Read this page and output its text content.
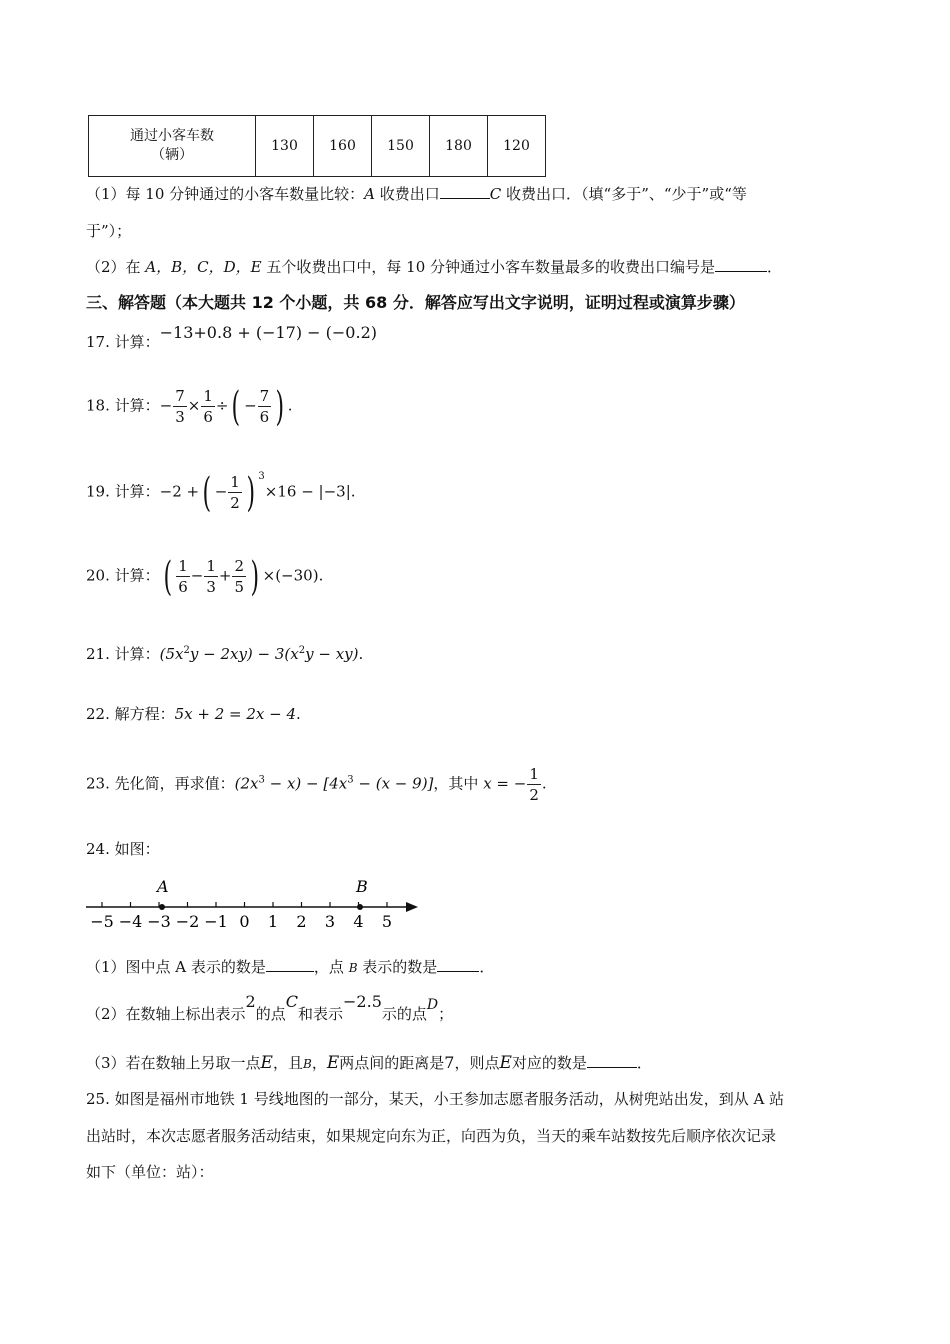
通过小客车数
（辆）
	130	160	150	180	120
（1）每 10 分钟通过的小客车数量比较：A 收费出口	C 收费出口．（填“多于”、“少于”或“等
于”）；
（2）在 A，B，C，D，E 五个收费出口中，每 10 分钟通过小客车数量最多的收费出口编号是	．
三、解答题（本大题共 12 个小题，共 68 分．解答应写出文字说明，证明过程或演算步骤）
17. 计算：−13+0.8 + (−17) − (−0.2)
18. 计算：− $\frac{7}{3} \times \frac{1}{6}$ ÷( − $\frac{7}{6}$ ) .
19. 计算：−2 +( − $\frac{1}{2}$ ) $^3$×16 − |−3|.
20. 计算：( $\frac{1}{6} - \frac{1}{3} + \frac{2}{5}$ ) ×(−30).
21. 计算：$(5x^2y - 2xy) - 3(x^2y - xy)$.
22. 解方程：5x + 2 = 2x − 4.
23. 先化简，再求值：$(2x^3 - x) - [4x^3 - (x - 9)]$，其中 x = − $\frac{1}{2}$ .
24. 如图：
−5 −4 −3 −2 −1 0 1 2 3 4 5
A	B
（1）图中点 A 表示的数是	，点 B 表示的数是	．
（2）在数轴上标出表示2的点C和表示−2.5示的点D；
（3）若在数轴上另取一点E，且B，E两点间的距离是7，则点E对应的数是	．
25. 如图是福州市地铁 1 号线地图的一部分，某天，小王参加志愿者服务活动，从树兜站出发，到从 A 站
出站时，本次志愿者服务活动结束，如果规定向东为正，向西为负，当天的乘车站数按先后顺序依次记录
如下（单位：站）：
